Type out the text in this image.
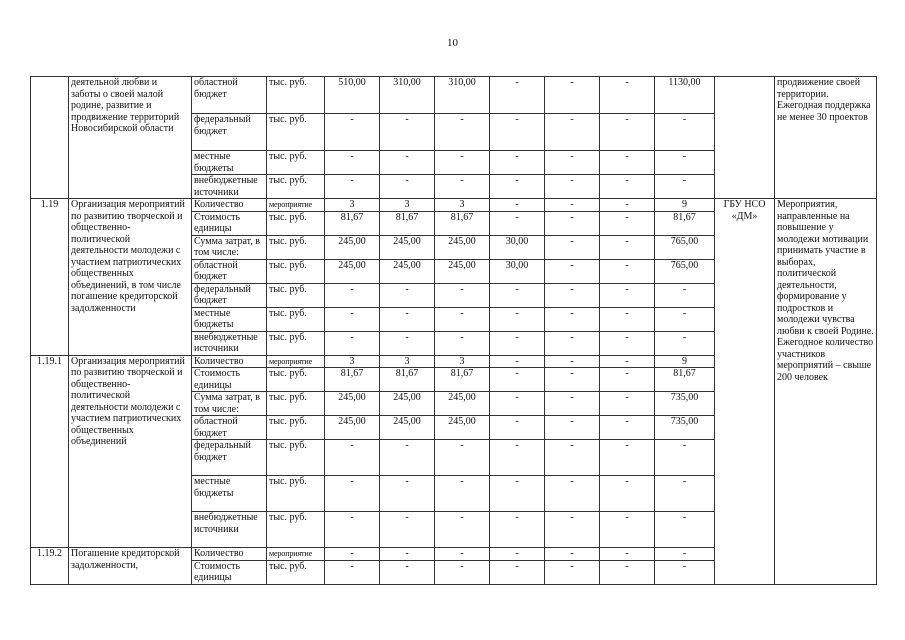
10
	деятельной любви и заботы о своей малой родине, развитие и продвижение территорий Новосибирской области	областной бюджет	тыс. руб.	510,00	310,00	310,00	-	-	-	1130,00		продвижение своей территории. Ежегодная поддержка не менее 30 проектов
		федеральный бюджет	тыс. руб.	-	-	-	-	-	-	-		
		местные бюджеты	тыс. руб.	-	-	-	-	-	-	-		
		внебюджетные источники	тыс. руб.	-	-	-	-	-	-	-		
1.19	Организация мероприятий по развитию творческой и общественно-политической деятельности молодежи с участием патриотических общественных объединений, в том числе погашение кредиторской задолженности	Количество	мероприятие	3	3	3	-	-	-	9	ГБУ НСО «ДМ»	Мероприятия, направленные на повышение у молодежи мотивации принимать участие в выборах, политической деятельности, формирование у подростков и молодежи чувства любви к своей Родине. Ежегодное количество участников мероприятий – свыше 200 человек
		Стоимость единицы	тыс. руб.	81,67	81,67	81,67	-	-	-	81,67		
		Сумма затрат, в том числе:	тыс. руб.	245,00	245,00	245,00	30,00	-	-	765,00		
		областной бюджет	тыс. руб.	245,00	245,00	245,00	30,00	-	-	765,00		
		федеральный бюджет	тыс. руб.	-	-	-	-	-	-	-		
		местные бюджеты	тыс. руб.	-	-	-	-	-	-	-		
		внебюджетные источники	тыс. руб.	-	-	-	-	-	-	-		
1.19.1	Организация мероприятий по развитию творческой и общественно-политической деятельности молодежи с участием патриотических общественных объединений	Количество	мероприятие	3	3	3	-	-	-	9		
		Стоимость единицы	тыс. руб.	81,67	81,67	81,67	-	-	-	81,67		
		Сумма затрат, в том числе:	тыс. руб.	245,00	245,00	245,00	-	-	-	735,00		
		областной бюджет	тыс. руб.	245,00	245,00	245,00	-	-	-	735,00		
		федеральный бюджет	тыс. руб.	-	-	-	-	-	-	-		
		местные бюджеты	тыс. руб.	-	-	-	-	-	-	-		
		внебюджетные источники	тыс. руб.	-	-	-	-	-	-	-		
1.19.2	Погашение кредиторской задолженности,	Количество	мероприятие	-	-	-	-	-	-	-		
		Стоимость единицы	тыс. руб.	-	-	-	-	-	-	-		
